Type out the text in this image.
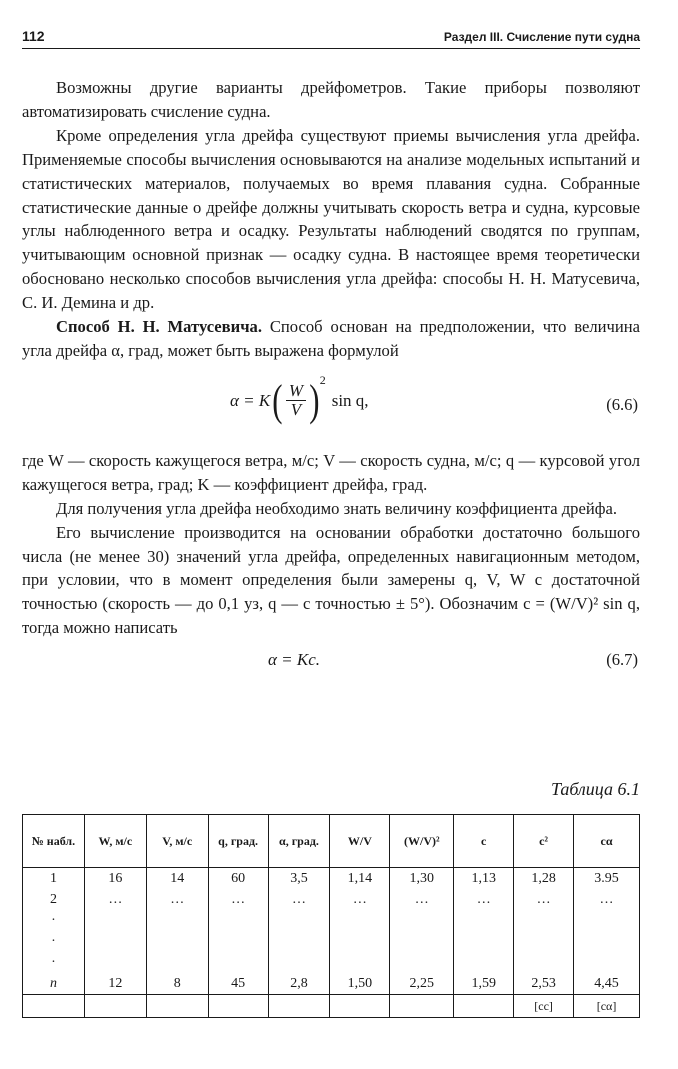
112	Раздел III. Счисление пути судна

Возможны другие варианты дрейфометров. Такие приборы позволяют автоматизировать счисление судна.

Кроме определения угла дрейфа существуют приемы вычисления угла дрейфа. Применяемые способы вычисления основываются на анализе модельных испытаний и статистических материалов, получаемых во время плавания судна. Собранные статистические данные о дрейфе должны учитывать скорость ветра и судна, курсовые углы наблюденного ветра и осадку. Результаты наблюдений сводятся по группам, учитывающим основной признак — осадку судна. В настоящее время теоретически обосновано несколько способов вычисления угла дрейфа: способы Н. Н. Матусевича, С. И. Демина и др.

Способ Н. Н. Матусевича. Способ основан на предположении, что величина угла дрейфа α, град, может быть выражена формулой

α = K ( $\frac{W}{V}$ ) 2
sin q,	(6.6)

где W — скорость кажущегося ветра, м/с; V — скорость судна, м/с; q — курсовой угол кажущегося ветра, град; K — коэффициент дрейфа, град.

Для получения угла дрейфа необходимо знать величину коэффициента дрейфа.

Его вычисление производится на основании обработки достаточно большого числа (не менее 30) значений угла дрейфа, определенных навигационным методом, при условии, что в момент определения были замерены q, V, W с достаточной точностью (скорость — до 0,1 уз, q — с точностью ± 5°). Обозначим c = (W/V)² sin q, тогда можно написать

α = Kc.	(6.7)
Таблица 6.1
№ набл.	W, м/с	V, м/с	q, град.	α, град.	W/V	(W/V)²	c	c²	cα
1	16	14	60	3,5	1,14	1,30	1,13	1,28	3.95
2	…	…	…	…	…	…	…	…	…
·									
·									
·									
n	12	8	45	2,8	1,50	2,25	1,59	2,53	4,45
								[cc]	[cα]
